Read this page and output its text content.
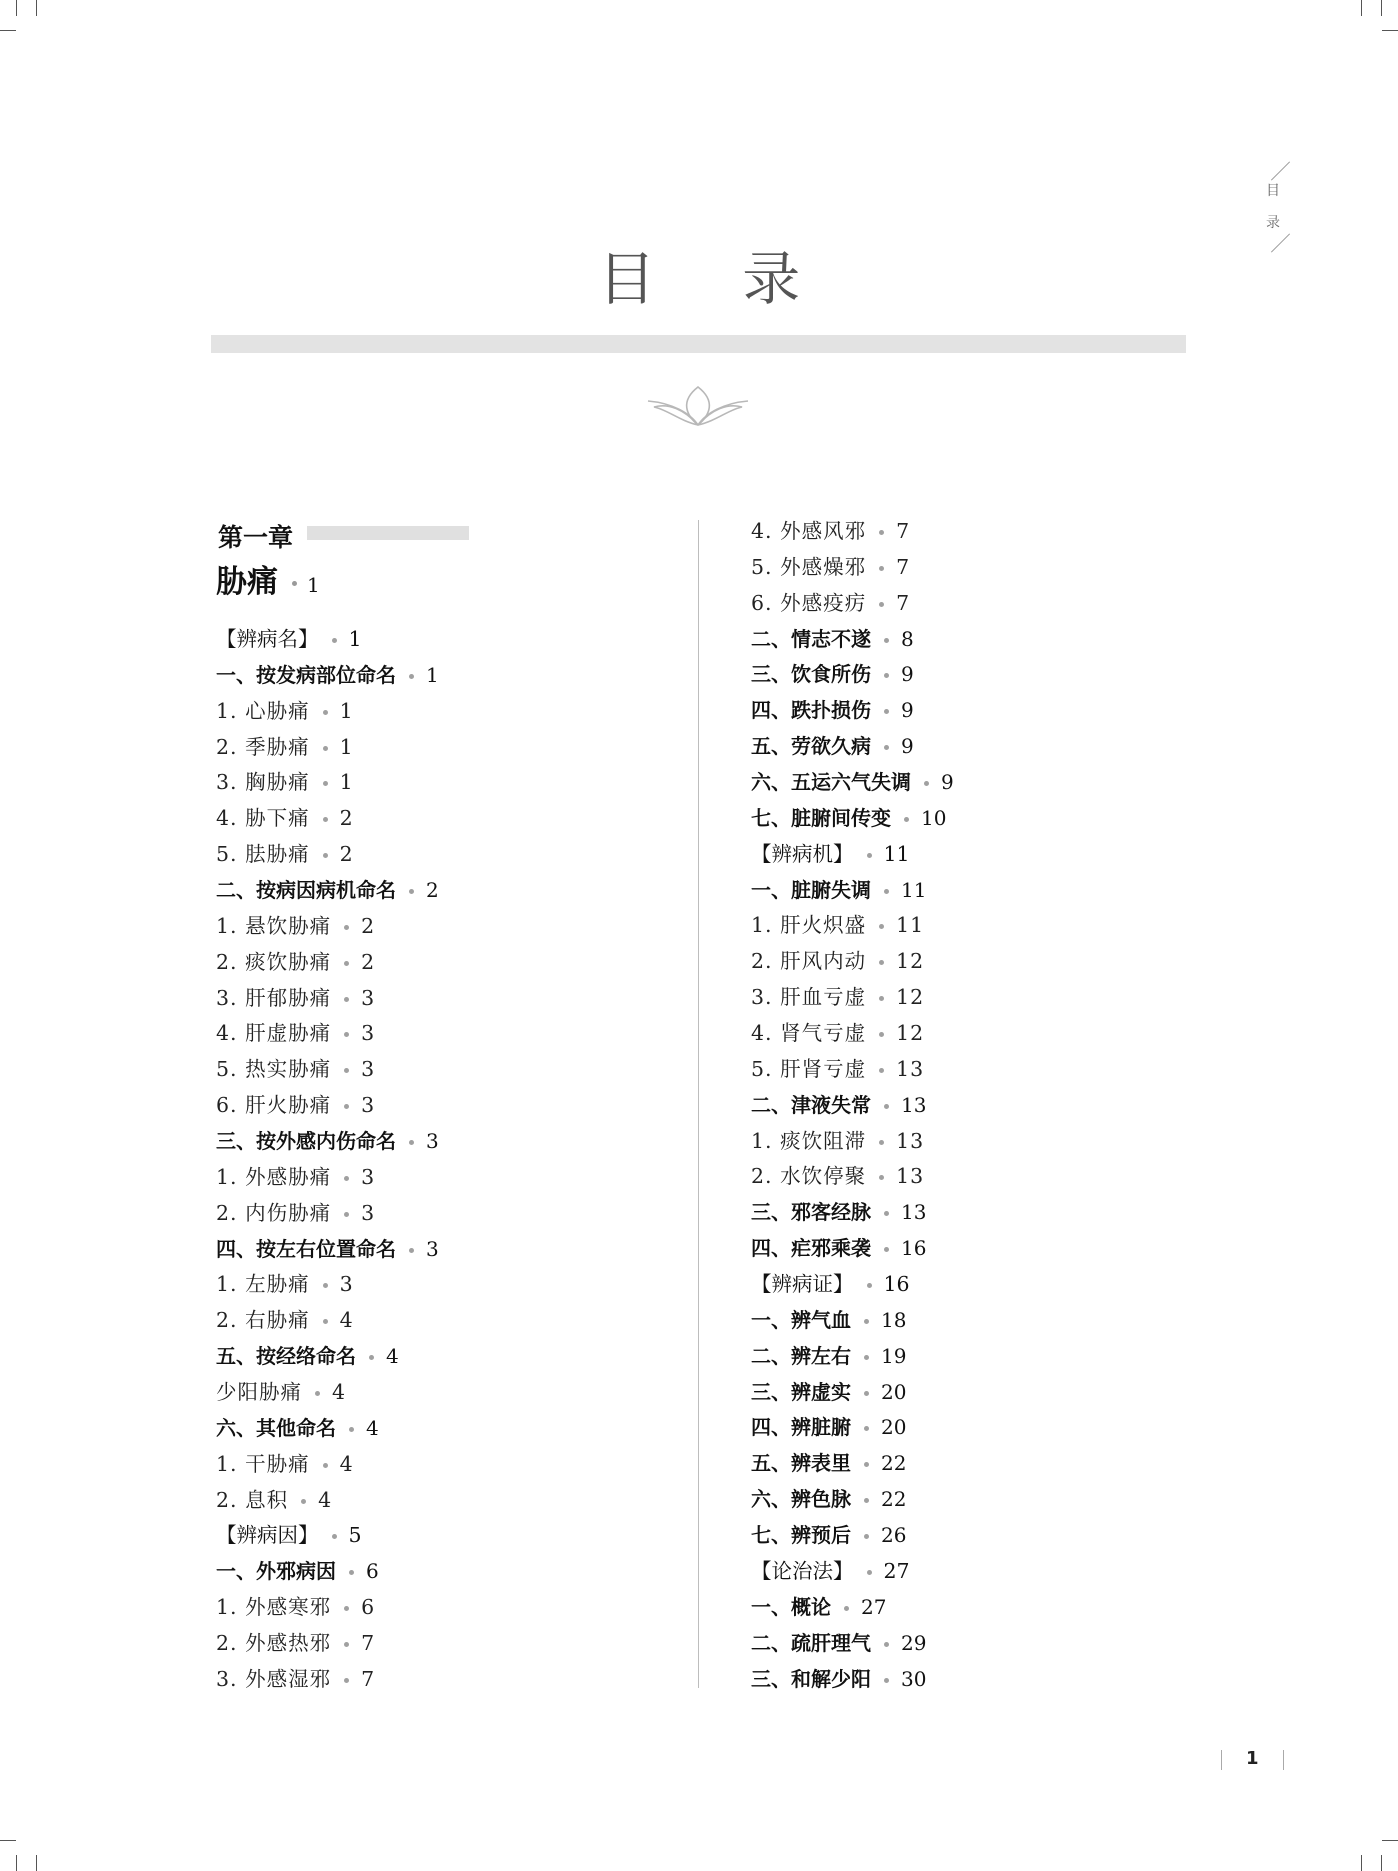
目
录
目 录
第一章
胁痛 1
【辨病名】 1
一、按发病部位命名 1
1. 心胁痛 1
2. 季胁痛 1
3. 胸胁痛 1
4. 胁下痛 2
5. 胠胁痛 2
二、按病因病机命名 2
1. 悬饮胁痛 2
2. 痰饮胁痛 2
3. 肝郁胁痛 3
4. 肝虚胁痛 3
5. 热实胁痛 3
6. 肝火胁痛 3
三、按外感内伤命名 3
1. 外感胁痛 3
2. 内伤胁痛 3
四、按左右位置命名 3
1. 左胁痛 3
2. 右胁痛 4
五、按经络命名 4
少阳胁痛 4
六、其他命名 4
1. 干胁痛 4
2. 息积 4
【辨病因】 5
一、外邪病因 6
1. 外感寒邪 6
2. 外感热邪 7
3. 外感湿邪 7
4. 外感风邪 7
5. 外感燥邪 7
6. 外感疫疠 7
二、情志不遂 8
三、饮食所伤 9
四、跌扑损伤 9
五、劳欲久病 9
六、五运六气失调 9
七、脏腑间传变 10
【辨病机】 11
一、脏腑失调 11
1. 肝火炽盛 11
2. 肝风内动 12
3. 肝血亏虚 12
4. 肾气亏虚 12
5. 肝肾亏虚 13
二、津液失常 13
1. 痰饮阻滞 13
2. 水饮停聚 13
三、邪客经脉 13
四、疟邪乘袭 16
【辨病证】 16
一、辨气血 18
二、辨左右 19
三、辨虚实 20
四、辨脏腑 20
五、辨表里 22
六、辨色脉 22
七、辨预后 26
【论治法】 27
一、概论 27
二、疏肝理气 29
三、和解少阳 30
1
